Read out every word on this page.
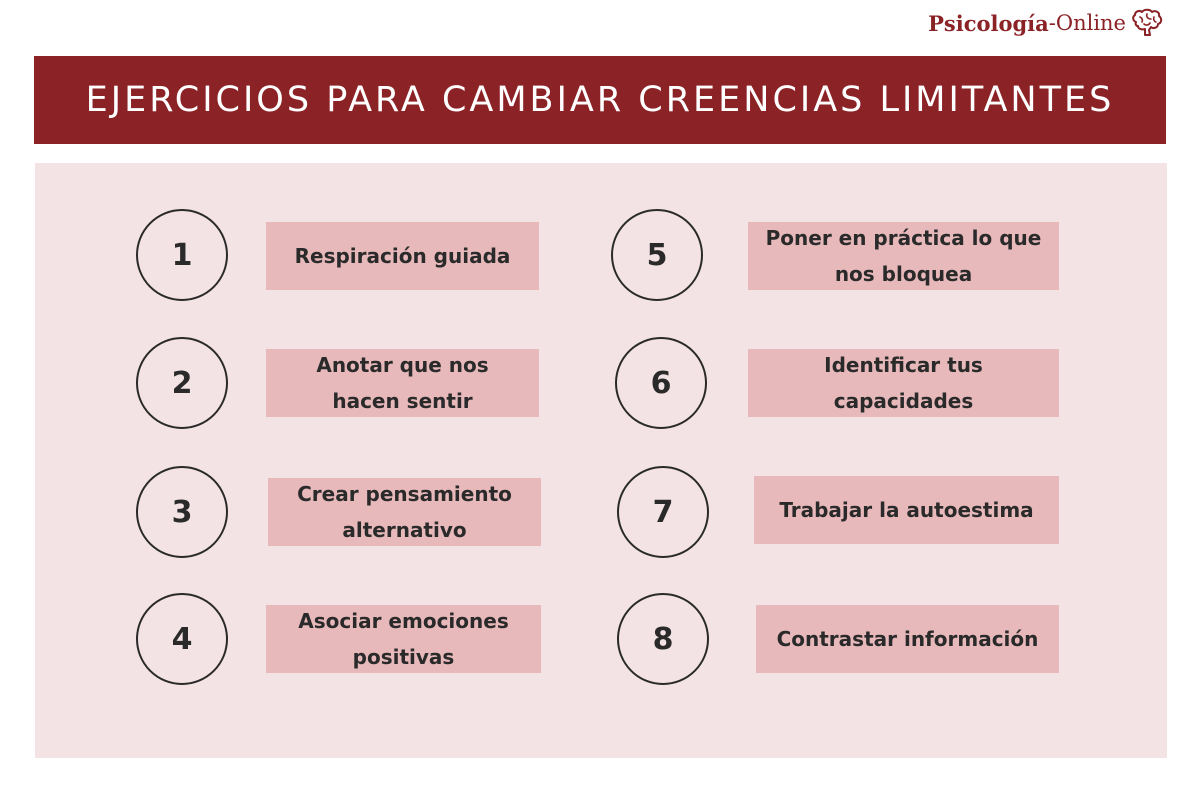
Psicología -Online
EJERCICIOS PARA CAMBIAR CREENCIAS LIMITANTES
1	Respiración guiada
2
Anotar que nos hacen sentir
3
Crear pensamiento alternativo
4
Asociar emociones positivas
5	Poner en práctica lo que nos bloquea
6
Identificar tus capacidades
7	Trabajar la autoestima
8	Contrastar información
